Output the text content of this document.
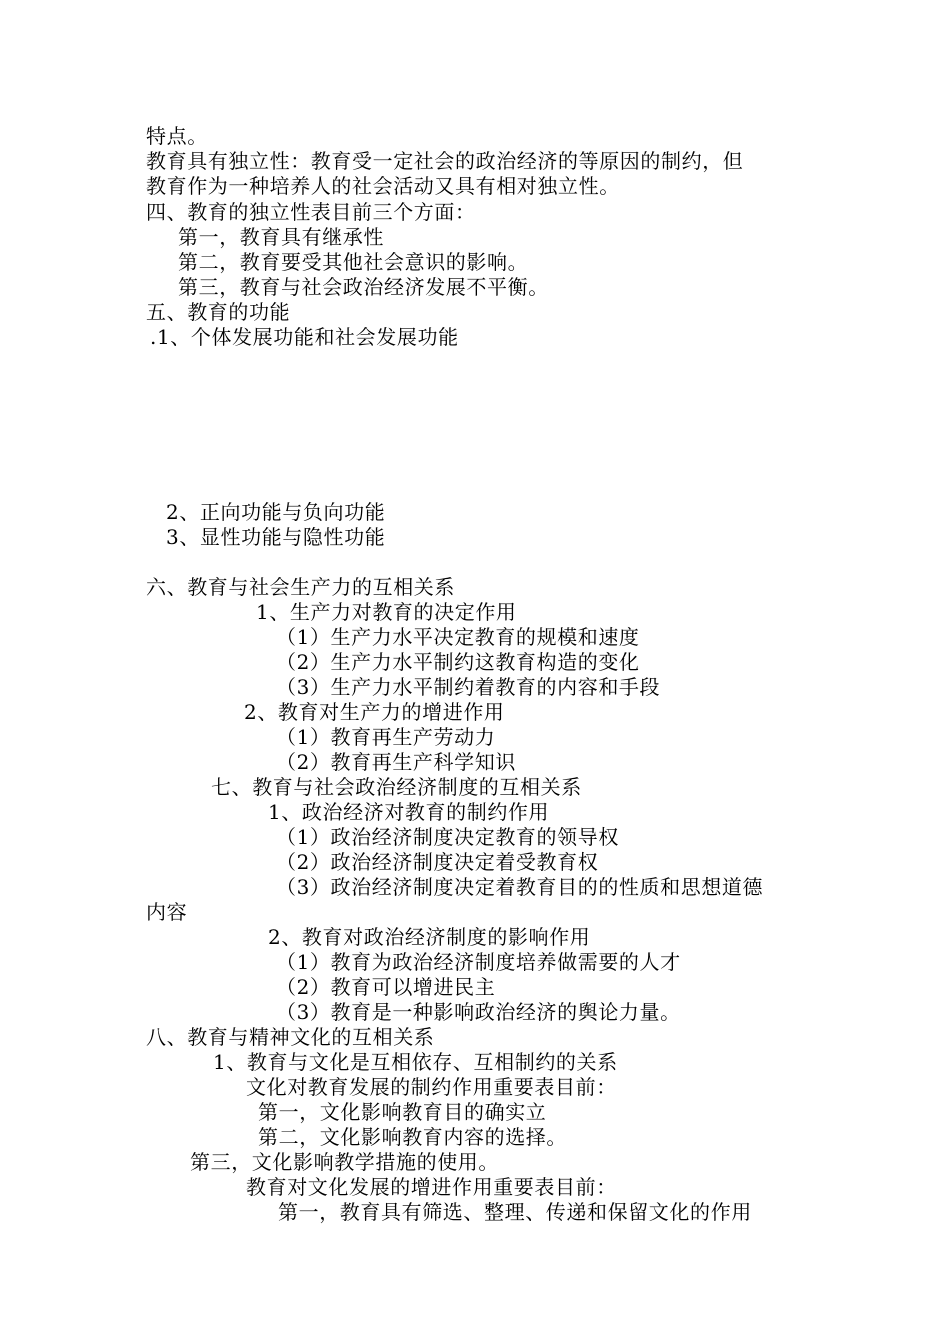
特点。
教育具有独立性：教育受一定社会的政治经济的等原因的制约，但
教育作为一种培养人的社会活动又具有相对独立性。
四、教育的独立性表目前三个方面：
第一，教育具有继承性
第二，教育要受其他社会意识的影响。
第三，教育与社会政治经济发展不平衡。
五、教育的功能
.1、个体发展功能和社会发展功能
2、正向功能与负向功能
3、显性功能与隐性功能
六、教育与社会生产力的互相关系
1、生产力对教育的决定作用
（1）生产力水平决定教育的规模和速度
（2）生产力水平制约这教育构造的变化
（3）生产力水平制约着教育的内容和手段
2、教育对生产力的增进作用
（1）教育再生产劳动力
（2）教育再生产科学知识
七、教育与社会政治经济制度的互相关系
1、政治经济对教育的制约作用
（1）政治经济制度决定教育的领导权
（2）政治经济制度决定着受教育权
（3）政治经济制度决定着教育目的的性质和思想道德
内容
2、教育对政治经济制度的影响作用
（1）教育为政治经济制度培养做需要的人才
（2）教育可以增进民主
（3）教育是一种影响政治经济的舆论力量。
八、教育与精神文化的互相关系
1、教育与文化是互相依存、互相制约的关系
文化对教育发展的制约作用重要表目前：
第一，文化影响教育目的确实立
第二，文化影响教育内容的选择。
第三，文化影响教学措施的使用。
教育对文化发展的增进作用重要表目前：
第一，教育具有筛选、整理、传递和保留文化的作用
